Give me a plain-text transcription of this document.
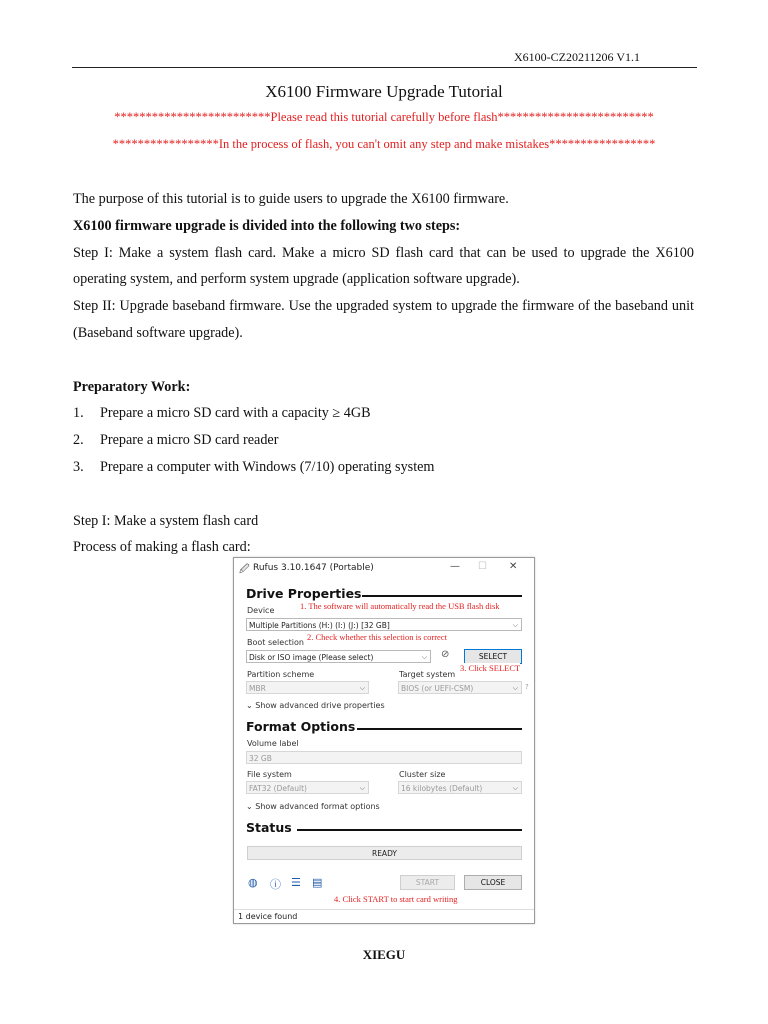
X6100-CZ20211206 V1.1
X6100 Firmware Upgrade Tutorial
*************************Please read this tutorial carefully before flash*************************
*****************In the process of flash, you can't omit any step and make mistakes*****************

The purpose of this tutorial is to guide users to upgrade the X6100 firmware.

X6100 firmware upgrade is divided into the following two steps:

Step I: Make a system flash card. Make a micro SD flash card that can be used to upgrade the X6100 operating system, and perform system upgrade (application software upgrade).

Step II: Upgrade baseband firmware. Use the upgraded system to upgrade the firmware of the baseband unit (Baseband software upgrade).

Preparatory Work:

1.	Prepare a micro SD card with a capacity ≥ 4GB
2.	Prepare a micro SD card reader
3.	Prepare a computer with Windows (7/10) operating system

Step I: Make a system flash card

Process of making a flash card:

🖉 Rufus 3.10.1647 (Portable)	— ☐ ✕
Drive Properties
Device
Multiple Partitions (H:) (I:) (J:) [32 GB]	⌵
Boot selection
Disk or ISO image (Please select)	⌵ ⊘	SELECT
Partition scheme
MBR	⌵
Target system
BIOS (or UEFI-CSM)	⌵ ?
⌄ Show advanced drive properties
Format Options
Volume label
32 GB
File system
FAT32 (Default)	⌵
Cluster size
16 kilobytes (Default)	⌵
⌄ Show advanced format options
Status
READY
◍ ⓘ ☰ ▤	START	CLOSE
1 device found
1. The software will automatically read the USB flash disk
2. Check whether this selection is correct
3. Click SELECT
4. Click START to start card writing
XIEGU
